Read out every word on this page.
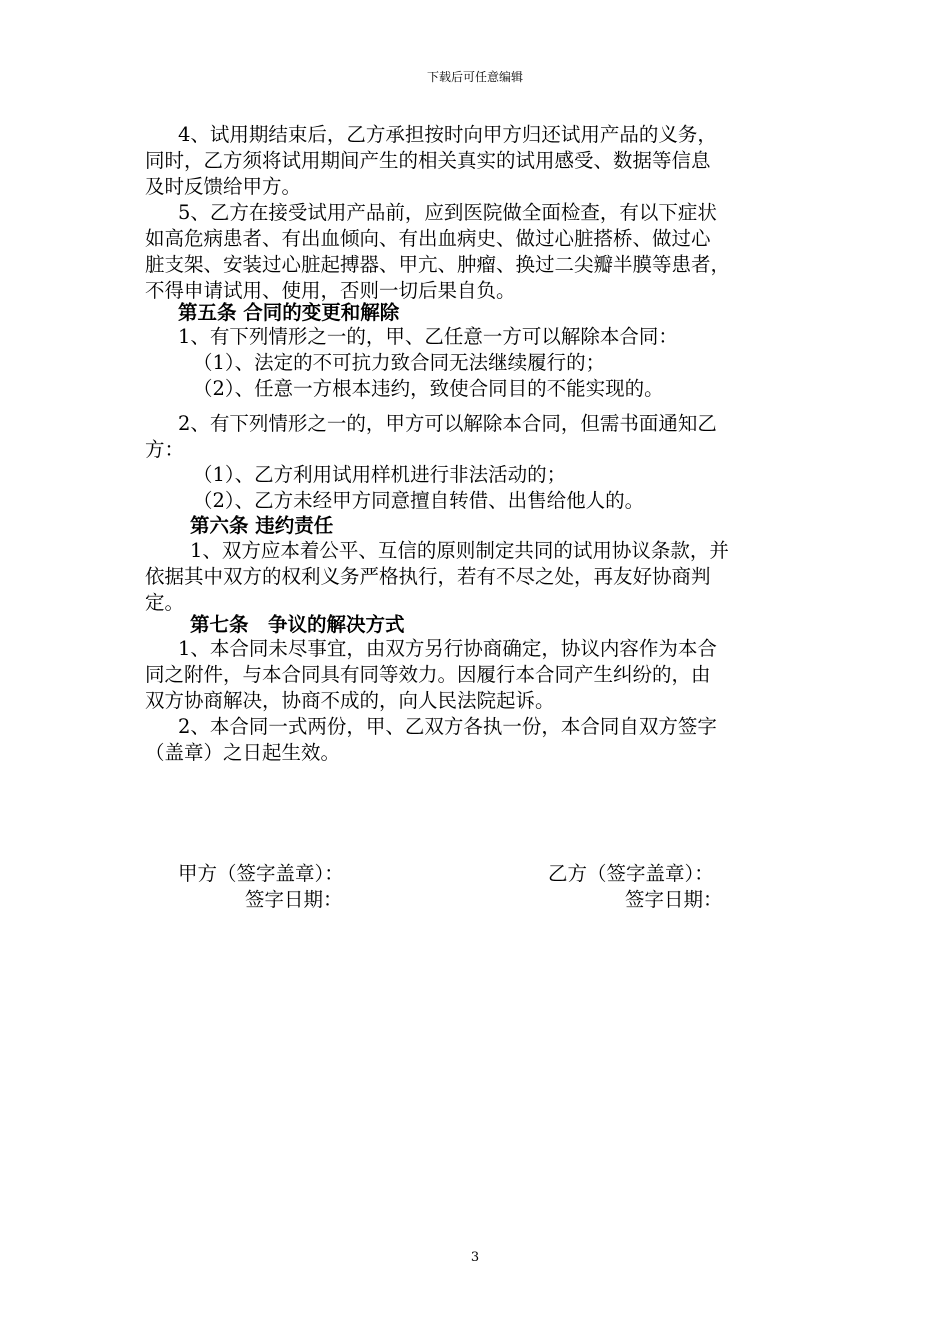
下载后可任意编辑
4、试用期结束后，乙方承担按时向甲方归还试用产品的义务，
同时，乙方须将试用期间产生的相关真实的试用感受、数据等信息
及时反馈给甲方。
5、乙方在接受试用产品前，应到医院做全面检查，有以下症状
如高危病患者、有出血倾向、有出血病史、做过心脏搭桥、做过心
脏支架、安装过心脏起搏器、甲亢、肿瘤、换过二尖瓣半膜等患者，
不得申请试用、使用，否则一切后果自负。
第五条 合同的变更和解除
1、有下列情形之一的，甲、乙任意一方可以解除本合同：
（1）、法定的不可抗力致合同无法继续履行的；
（2）、任意一方根本违约，致使合同目的不能实现的。
2、有下列情形之一的，甲方可以解除本合同，但需书面通知乙
方：
（1）、乙方利用试用样机进行非法活动的；
（2）、乙方未经甲方同意擅自转借、出售给他人的。
第六条 违约责任
1、双方应本着公平、互信的原则制定共同的试用协议条款，并
依据其中双方的权利义务严格执行，若有不尽之处，再友好协商判
定。
第七条　争议的解决方式
1、本合同未尽事宜，由双方另行协商确定，协议内容作为本合
同之附件，与本合同具有同等效力。因履行本合同产生纠纷的，由
双方协商解决，协商不成的，向人民法院起诉。
2、本合同一式两份，甲、乙双方各执一份，本合同自双方签字
（盖章）之日起生效。
甲方（签字盖章）：
签字日期：
乙方（签字盖章）：
签字日期：
3
